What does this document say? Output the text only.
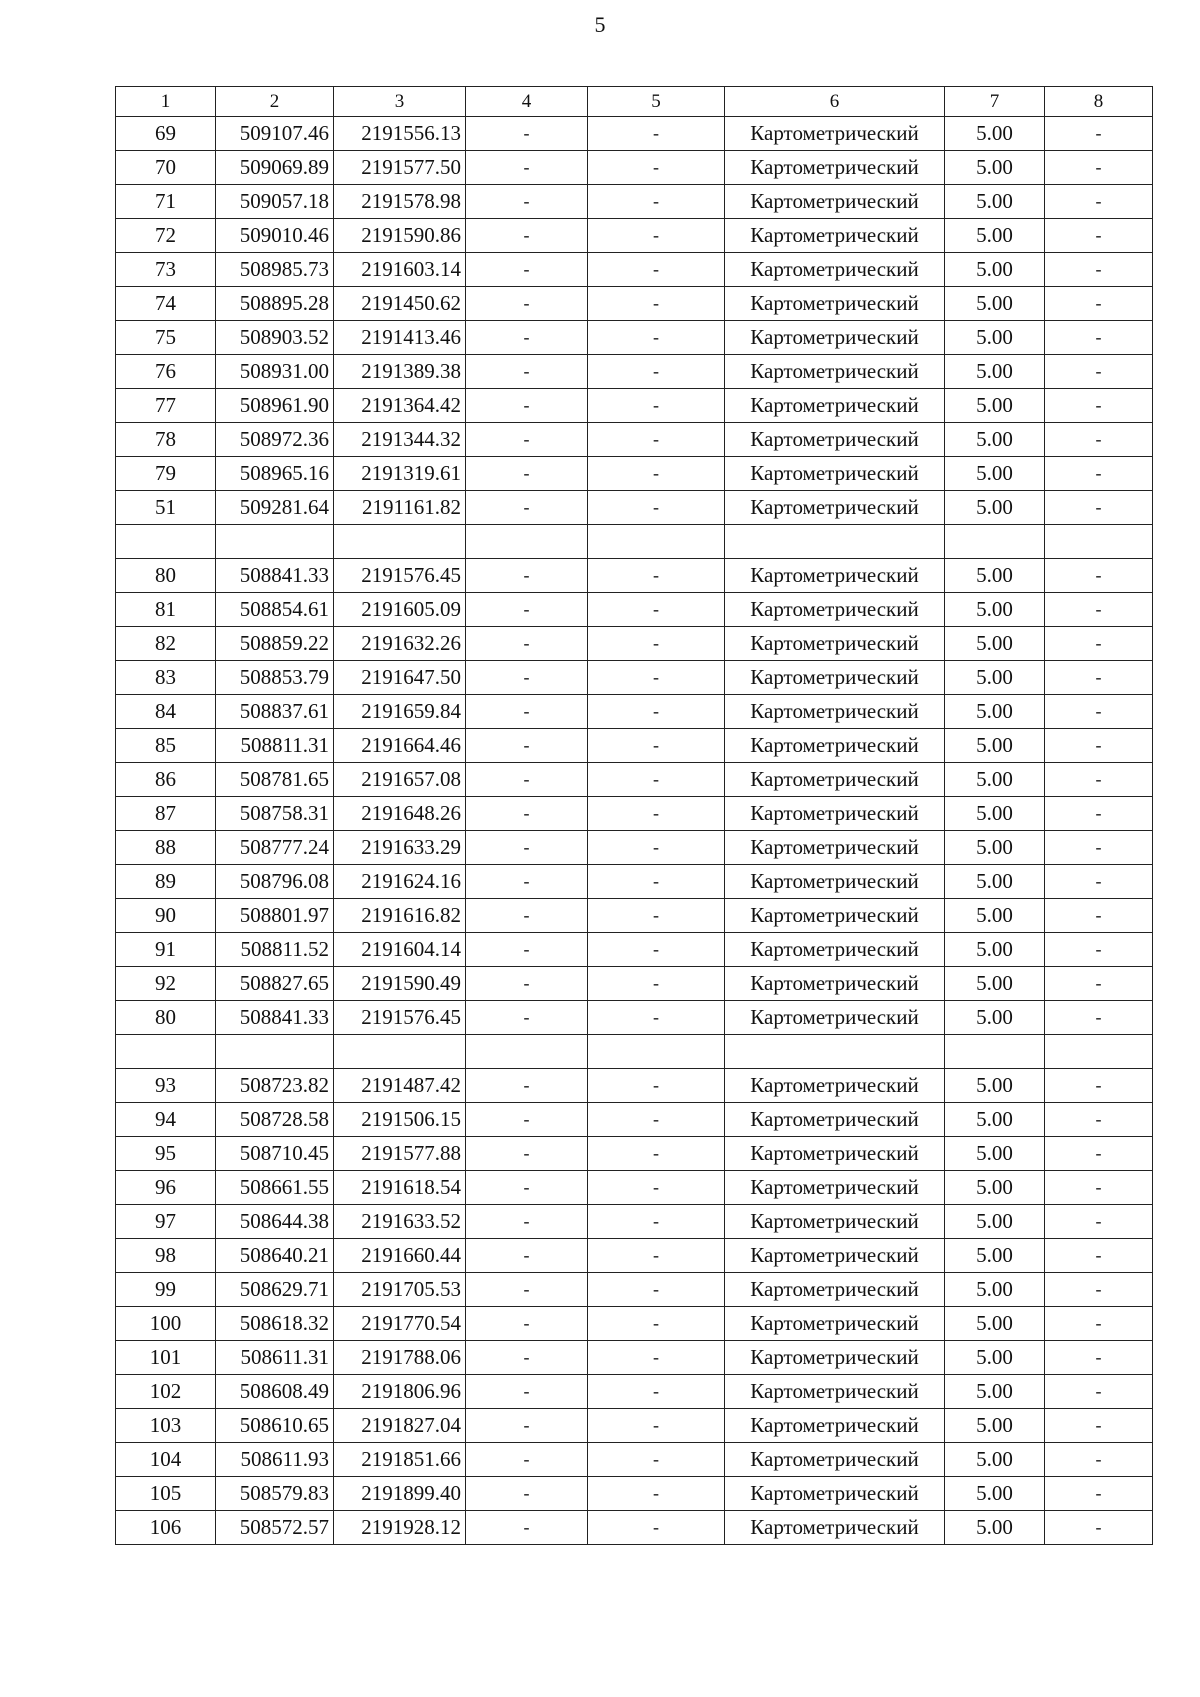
5
1	2	3	4	5	6	7	8
69	509107.46	2191556.13	-	-	Картометрический	5.00	-
70	509069.89	2191577.50	-	-	Картометрический	5.00	-
71	509057.18	2191578.98	-	-	Картометрический	5.00	-
72	509010.46	2191590.86	-	-	Картометрический	5.00	-
73	508985.73	2191603.14	-	-	Картометрический	5.00	-
74	508895.28	2191450.62	-	-	Картометрический	5.00	-
75	508903.52	2191413.46	-	-	Картометрический	5.00	-
76	508931.00	2191389.38	-	-	Картометрический	5.00	-
77	508961.90	2191364.42	-	-	Картометрический	5.00	-
78	508972.36	2191344.32	-	-	Картометрический	5.00	-
79	508965.16	2191319.61	-	-	Картометрический	5.00	-
51	509281.64	2191161.82	-	-	Картометрический	5.00	-

80	508841.33	2191576.45	-	-	Картометрический	5.00	-
81	508854.61	2191605.09	-	-	Картометрический	5.00	-
82	508859.22	2191632.26	-	-	Картометрический	5.00	-
83	508853.79	2191647.50	-	-	Картометрический	5.00	-
84	508837.61	2191659.84	-	-	Картометрический	5.00	-
85	508811.31	2191664.46	-	-	Картометрический	5.00	-
86	508781.65	2191657.08	-	-	Картометрический	5.00	-
87	508758.31	2191648.26	-	-	Картометрический	5.00	-
88	508777.24	2191633.29	-	-	Картометрический	5.00	-
89	508796.08	2191624.16	-	-	Картометрический	5.00	-
90	508801.97	2191616.82	-	-	Картометрический	5.00	-
91	508811.52	2191604.14	-	-	Картометрический	5.00	-
92	508827.65	2191590.49	-	-	Картометрический	5.00	-
80	508841.33	2191576.45	-	-	Картометрический	5.00	-

93	508723.82	2191487.42	-	-	Картометрический	5.00	-
94	508728.58	2191506.15	-	-	Картометрический	5.00	-
95	508710.45	2191577.88	-	-	Картометрический	5.00	-
96	508661.55	2191618.54	-	-	Картометрический	5.00	-
97	508644.38	2191633.52	-	-	Картометрический	5.00	-
98	508640.21	2191660.44	-	-	Картометрический	5.00	-
99	508629.71	2191705.53	-	-	Картометрический	5.00	-
100	508618.32	2191770.54	-	-	Картометрический	5.00	-
101	508611.31	2191788.06	-	-	Картометрический	5.00	-
102	508608.49	2191806.96	-	-	Картометрический	5.00	-
103	508610.65	2191827.04	-	-	Картометрический	5.00	-
104	508611.93	2191851.66	-	-	Картометрический	5.00	-
105	508579.83	2191899.40	-	-	Картометрический	5.00	-
106	508572.57	2191928.12	-	-	Картометрический	5.00	-
